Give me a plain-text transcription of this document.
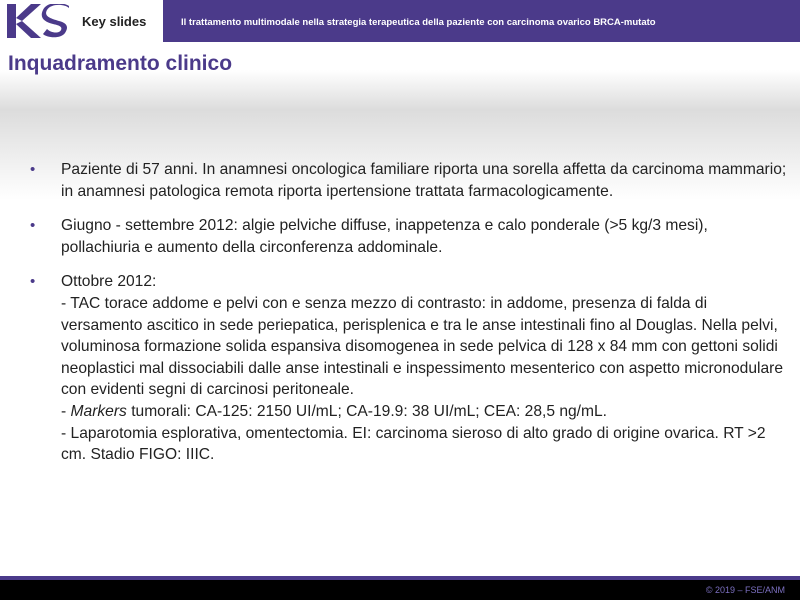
Key slides	Il trattamento multimodale nella strategia terapeutica della paziente con carcinoma ovarico BRCA-mutato
Inquadramento clinico
• Paziente di 57 anni. In anamnesi oncologica familiare riporta una sorella affetta da carcinoma mammario; in anamnesi patologica remota riporta ipertensione trattata farmacologicamente.
• Giugno - settembre 2012: algie pelviche diffuse, inappetenza e calo ponderale (>5 kg/3 mesi), pollachiuria e aumento della circonferenza addominale.
• Ottobre 2012:
- TAC torace addome e pelvi con e senza mezzo di contrasto: in addome, presenza di falda di versamento ascitico in sede periepatica, perisplenica e tra le anse intestinali fino al Douglas. Nella pelvi, voluminosa formazione solida espansiva disomogenea in sede pelvica di 128 x 84 mm con gettoni solidi neoplastici mal dissociabili dalle anse intestinali e inspessimento mesenterico con aspetto micronodulare con evidenti segni di carcinosi peritoneale.
- Markers tumorali: CA-125: 2150 UI/mL; CA-19.9: 38 UI/mL; CEA: 28,5 ng/mL.
- Laparotomia esplorativa, omentectomia. EI: carcinoma sieroso di alto grado di origine ovarica. RT >2 cm. Stadio FIGO: IIIC.
© 2019 – FSE/ANM
